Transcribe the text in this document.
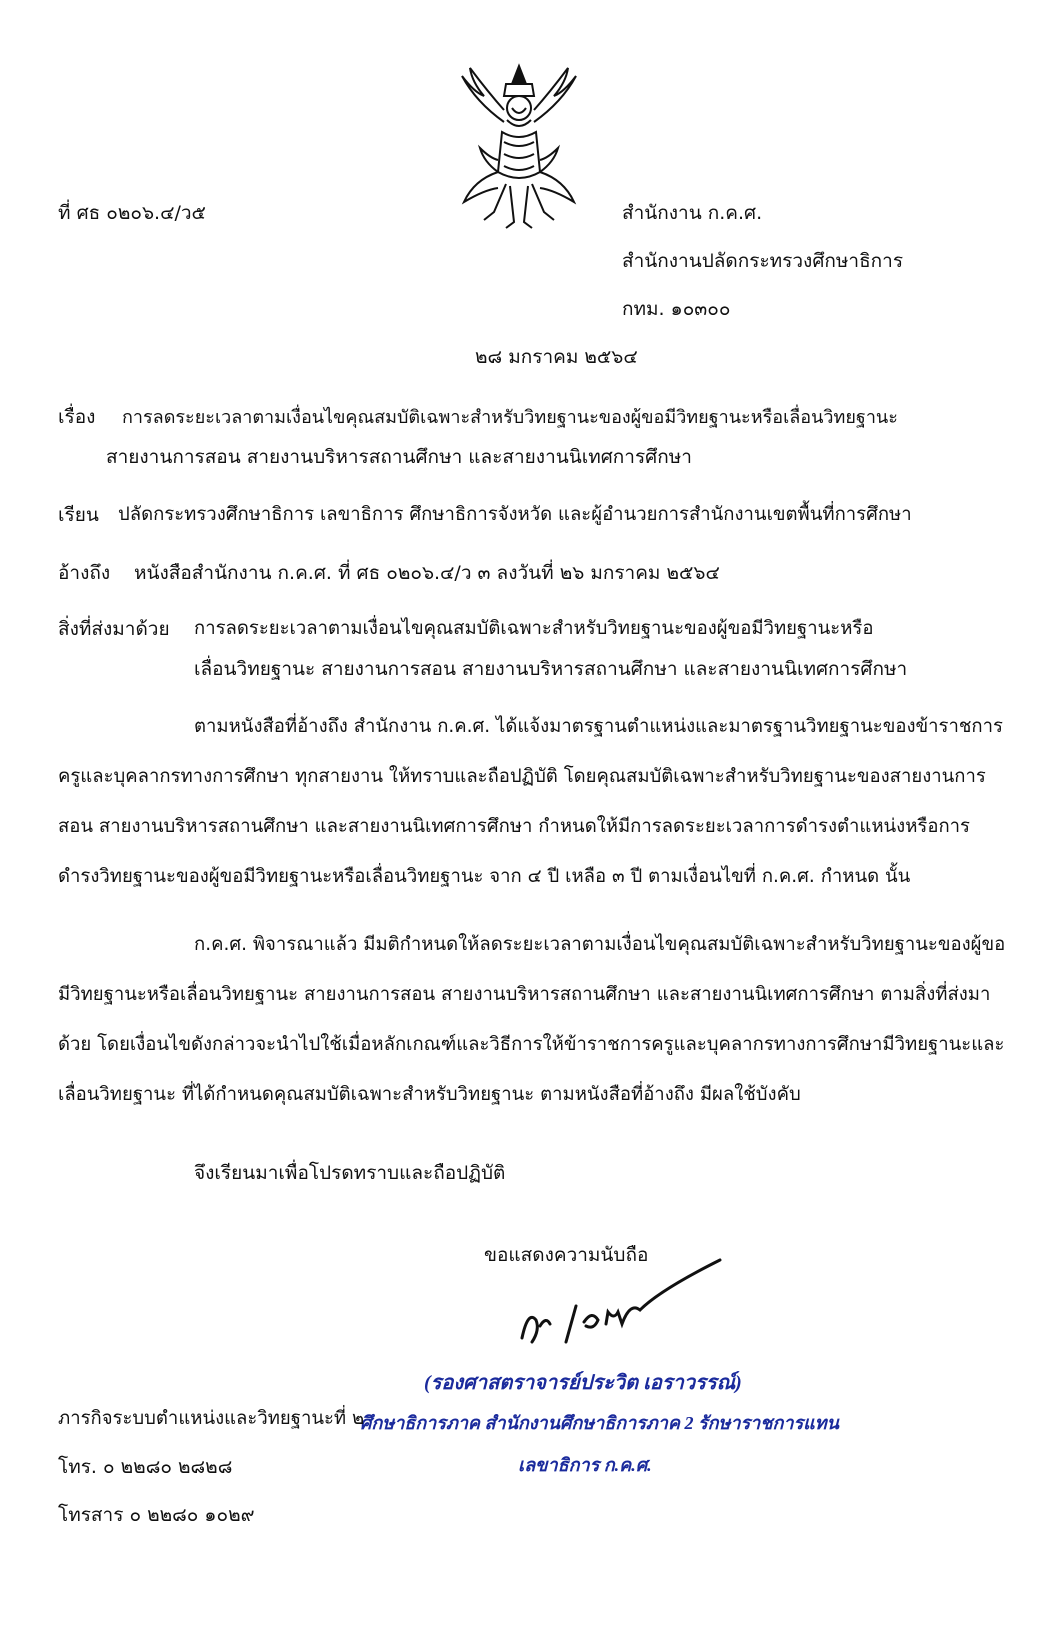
ที่ ศธ ๐๒๐๖.๔/ว๕	สำนักงาน ก.ค.ศ.
สำนักงานปลัดกระทรวงศึกษาธิการ
กทม. ๑๐๓๐๐
๒๘ มกราคม ๒๕๖๔
เรื่อง การลดระยะเวลาตามเงื่อนไขคุณสมบัติเฉพาะสำหรับวิทยฐานะของผู้ขอมีวิทยฐานะหรือเลื่อนวิทยฐานะ
สายงานการสอน สายงานบริหารสถานศึกษา และสายงานนิเทศการศึกษา
เรียน ปลัดกระทรวงศึกษาธิการ เลขาธิการ ศึกษาธิการจังหวัด และผู้อำนวยการสำนักงานเขตพื้นที่การศึกษา
อ้างถึง หนังสือสำนักงาน ก.ค.ศ. ที่ ศธ ๐๒๐๖.๔/ว ๓ ลงวันที่ ๒๖ มกราคม ๒๕๖๔
สิ่งที่ส่งมาด้วย การลดระยะเวลาตามเงื่อนไขคุณสมบัติเฉพาะสำหรับวิทยฐานะของผู้ขอมีวิทยฐานะหรือ
เลื่อนวิทยฐานะ สายงานการสอน สายงานบริหารสถานศึกษา และสายงานนิเทศการศึกษา
ตามหนังสือที่อ้างถึง สำนักงาน ก.ค.ศ. ได้แจ้งมาตรฐานตำแหน่งและมาตรฐานวิทยฐานะของข้าราชการครูและบุคลากรทางการศึกษา ทุกสายงาน ให้ทราบและถือปฏิบัติ โดยคุณสมบัติเฉพาะสำหรับวิทยฐานะของสายงานการสอน สายงานบริหารสถานศึกษา และสายงานนิเทศการศึกษา กำหนดให้มีการลดระยะเวลาการดำรงตำแหน่งหรือการดำรงวิทยฐานะของผู้ขอมีวิทยฐานะหรือเลื่อนวิทยฐานะ จาก ๔ ปี เหลือ ๓ ปี ตามเงื่อนไขที่ ก.ค.ศ. กำหนด นั้น
ก.ค.ศ. พิจารณาแล้ว มีมติกำหนดให้ลดระยะเวลาตามเงื่อนไขคุณสมบัติเฉพาะสำหรับวิทยฐานะของผู้ขอมีวิทยฐานะหรือเลื่อนวิทยฐานะ สายงานการสอน สายงานบริหารสถานศึกษา และสายงานนิเทศการศึกษา ตามสิ่งที่ส่งมาด้วย โดยเงื่อนไขดังกล่าวจะนำไปใช้เมื่อหลักเกณฑ์และวิธีการให้ข้าราชการครูและบุคลากรทางการศึกษามีวิทยฐานะและเลื่อนวิทยฐานะ ที่ได้กำหนดคุณสมบัติเฉพาะสำหรับวิทยฐานะ ตามหนังสือที่อ้างถึง มีผลใช้บังคับ
จึงเรียนมาเพื่อโปรดทราบและถือปฏิบัติ
ขอแสดงความนับถือ
(รองศาสตราจารย์ประวิต เอราวรรณ์)
ศึกษาธิการภาค สำนักงานศึกษาธิการภาค 2 รักษาราชการแทน
เลขาธิการ ก.ค.ศ.
ภารกิจระบบตำแหน่งและวิทยฐานะที่ ๒
โทร. ๐ ๒๒๘๐ ๒๘๒๘
โทรสาร ๐ ๒๒๘๐ ๑๐๒๙
